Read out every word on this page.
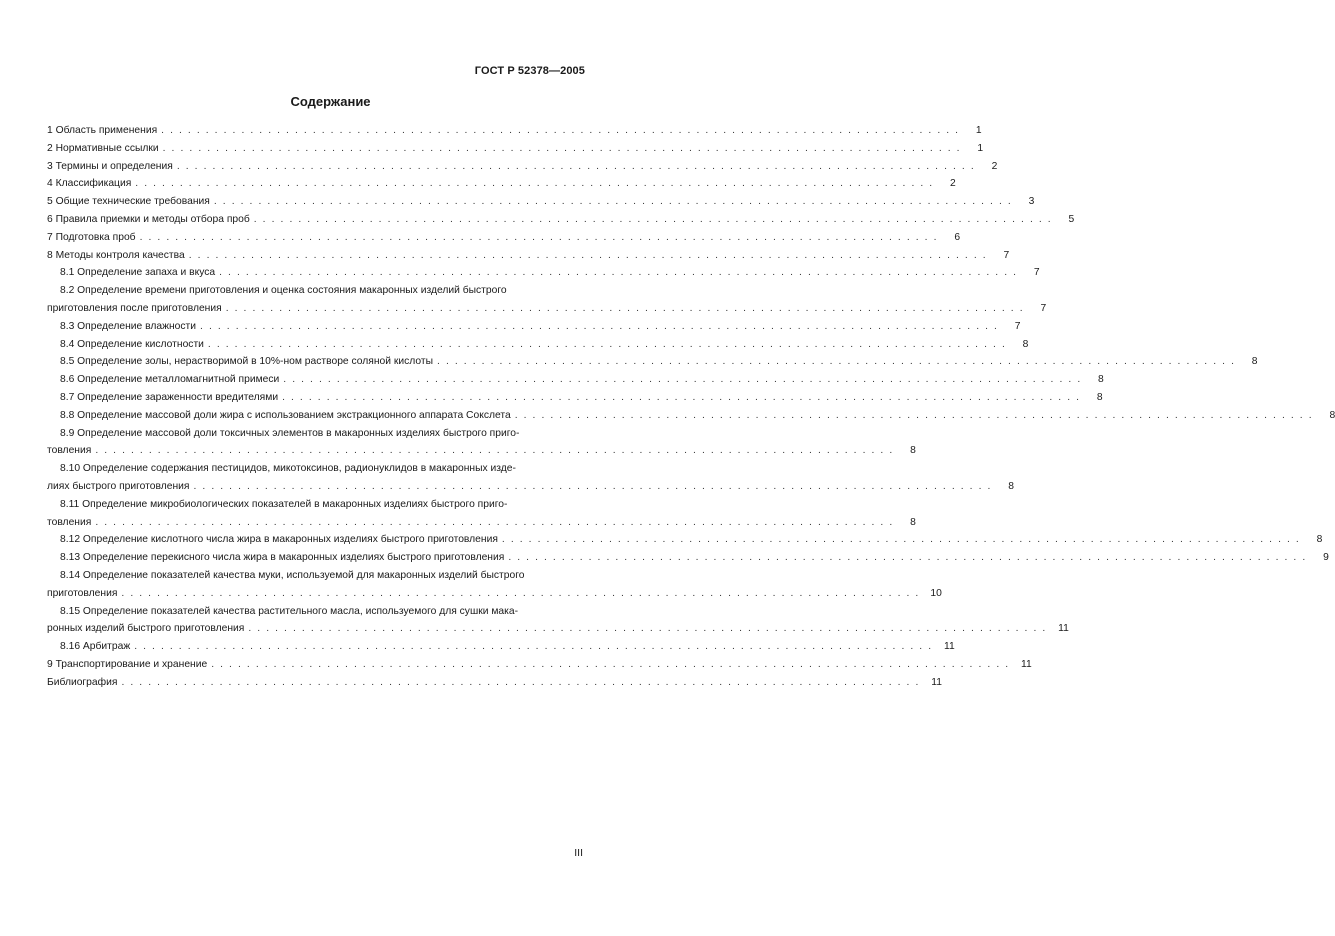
ГОСТ Р 52378—2005
Содержание
1 Область применения . . . . . . . . . . . . . . . . . . . . . . . . . . . . . . . . . . . . . . . . . . . . . . . . . . . . . . . . . . . . . . . . . . . . . . . . . . . . . . . . . . . . . . . . . .	1
2 Нормативные ссылки . . . . . . . . . . . . . . . . . . . . . . . . . . . . . . . . . . . . . . . . . . . . . . . . . . . . . . . . . . . . . . . . . . . . . . . . . . . . . . . . . . . . . . . . . .	1
3 Термины и определения . . . . . . . . . . . . . . . . . . . . . . . . . . . . . . . . . . . . . . . . . . . . . . . . . . . . . . . . . . . . . . . . . . . . . . . . . . . . . . . . . . . . . . . . . .	2
4 Классификация . . . . . . . . . . . . . . . . . . . . . . . . . . . . . . . . . . . . . . . . . . . . . . . . . . . . . . . . . . . . . . . . . . . . . . . . . . . . . . . . . . . . . . . . . .	2
5 Общие технические требования . . . . . . . . . . . . . . . . . . . . . . . . . . . . . . . . . . . . . . . . . . . . . . . . . . . . . . . . . . . . . . . . . . . . . . . . . . . . . . . . . . . . . . . . . .	3
6 Правила приемки и методы отбора проб . . . . . . . . . . . . . . . . . . . . . . . . . . . . . . . . . . . . . . . . . . . . . . . . . . . . . . . . . . . . . . . . . . . . . . . . . . . . . . . . . . . . . . . . . .	5
7 Подготовка проб . . . . . . . . . . . . . . . . . . . . . . . . . . . . . . . . . . . . . . . . . . . . . . . . . . . . . . . . . . . . . . . . . . . . . . . . . . . . . . . . . . . . . . . . . .	6
8 Методы контроля качества . . . . . . . . . . . . . . . . . . . . . . . . . . . . . . . . . . . . . . . . . . . . . . . . . . . . . . . . . . . . . . . . . . . . . . . . . . . . . . . . . . . . . . . . . .	7
8.1 Определение запаха и вкуса . . . . . . . . . . . . . . . . . . . . . . . . . . . . . . . . . . . . . . . . . . . . . . . . . . . . . . . . . . . . . . . . . . . . . . . . . . . . . . . . . . . . . . . . . .	7
8.2 Определение времени приготовления и оценка состояния макаронных изделий быстрого
приготовления после приготовления . . . . . . . . . . . . . . . . . . . . . . . . . . . . . . . . . . . . . . . . . . . . . . . . . . . . . . . . . . . . . . . . . . . . . . . . . . . . . . . . . . . . . . . . . .	7
8.3 Определение влажности . . . . . . . . . . . . . . . . . . . . . . . . . . . . . . . . . . . . . . . . . . . . . . . . . . . . . . . . . . . . . . . . . . . . . . . . . . . . . . . . . . . . . . . . . .	7
8.4 Определение кислотности . . . . . . . . . . . . . . . . . . . . . . . . . . . . . . . . . . . . . . . . . . . . . . . . . . . . . . . . . . . . . . . . . . . . . . . . . . . . . . . . . . . . . . . . . .	8
8.5 Определение золы, нерастворимой в 10%-ном растворе соляной кислоты . . . . . . . . . . . . . . . . . . . . . . . . . . . . . . . . . . . . . . . . . . . . . . . . . . . . . . . . . . . . . . . . . . . . . . . . . . . . . . . . . . . . . . . . . .	8
8.6 Определение металломагнитной примеси . . . . . . . . . . . . . . . . . . . . . . . . . . . . . . . . . . . . . . . . . . . . . . . . . . . . . . . . . . . . . . . . . . . . . . . . . . . . . . . . . . . . . . . . . .	8
8.7 Определение зараженности вредителями . . . . . . . . . . . . . . . . . . . . . . . . . . . . . . . . . . . . . . . . . . . . . . . . . . . . . . . . . . . . . . . . . . . . . . . . . . . . . . . . . . . . . . . . . .	8
8.8 Определение массовой доли жира с использованием экстракционного аппарата Сокслета . . . . . . . . . . . . . . . . . . . . . . . . . . . . . . . . . . . . . . . . . . . . . . . . . . . . . . . . . . . . . . . . . . . . . . . . . . . . . . . . . . . . . . . . . .	8
8.9 Определение массовой доли токсичных элементов в макаронных изделиях быстрого приго-
товления . . . . . . . . . . . . . . . . . . . . . . . . . . . . . . . . . . . . . . . . . . . . . . . . . . . . . . . . . . . . . . . . . . . . . . . . . . . . . . . . . . . . . . . . . .	8
8.10 Определение содержания пестицидов, микотоксинов, радионуклидов в макаронных изде-
лиях быстрого приготовления . . . . . . . . . . . . . . . . . . . . . . . . . . . . . . . . . . . . . . . . . . . . . . . . . . . . . . . . . . . . . . . . . . . . . . . . . . . . . . . . . . . . . . . . . .	8
8.11 Определение микробиологических показателей в макаронных изделиях быстрого приго-
товления . . . . . . . . . . . . . . . . . . . . . . . . . . . . . . . . . . . . . . . . . . . . . . . . . . . . . . . . . . . . . . . . . . . . . . . . . . . . . . . . . . . . . . . . . .	8
8.12 Определение кислотного числа жира в макаронных изделиях быстрого приготовления . . . . . . . . . . . . . . . . . . . . . . . . . . . . . . . . . . . . . . . . . . . . . . . . . . . . . . . . . . . . . . . . . . . . . . . . . . . . . . . . . . . . . . . . . .	8
8.13 Определение перекисного числа жира в макаронных изделиях быстрого приготовления . . . . . . . . . . . . . . . . . . . . . . . . . . . . . . . . . . . . . . . . . . . . . . . . . . . . . . . . . . . . . . . . . . . . . . . . . . . . . . . . . . . . . . . . . .	9
8.14 Определение показателей качества муки, используемой для макаронных изделий быстрого
приготовления . . . . . . . . . . . . . . . . . . . . . . . . . . . . . . . . . . . . . . . . . . . . . . . . . . . . . . . . . . . . . . . . . . . . . . . . . . . . . . . . . . . . . . . . . .	10
8.15 Определение показателей качества растительного масла, используемого для сушки мака-
ронных изделий быстрого приготовления . . . . . . . . . . . . . . . . . . . . . . . . . . . . . . . . . . . . . . . . . . . . . . . . . . . . . . . . . . . . . . . . . . . . . . . . . . . . . . . . . . . . . . . . . .	11
8.16 Арбитраж . . . . . . . . . . . . . . . . . . . . . . . . . . . . . . . . . . . . . . . . . . . . . . . . . . . . . . . . . . . . . . . . . . . . . . . . . . . . . . . . . . . . . . . . . .	11
9 Транспортирование и хранение . . . . . . . . . . . . . . . . . . . . . . . . . . . . . . . . . . . . . . . . . . . . . . . . . . . . . . . . . . . . . . . . . . . . . . . . . . . . . . . . . . . . . . . . . .	11
Библиография . . . . . . . . . . . . . . . . . . . . . . . . . . . . . . . . . . . . . . . . . . . . . . . . . . . . . . . . . . . . . . . . . . . . . . . . . . . . . . . . . . . . . . . . . .	11
III
